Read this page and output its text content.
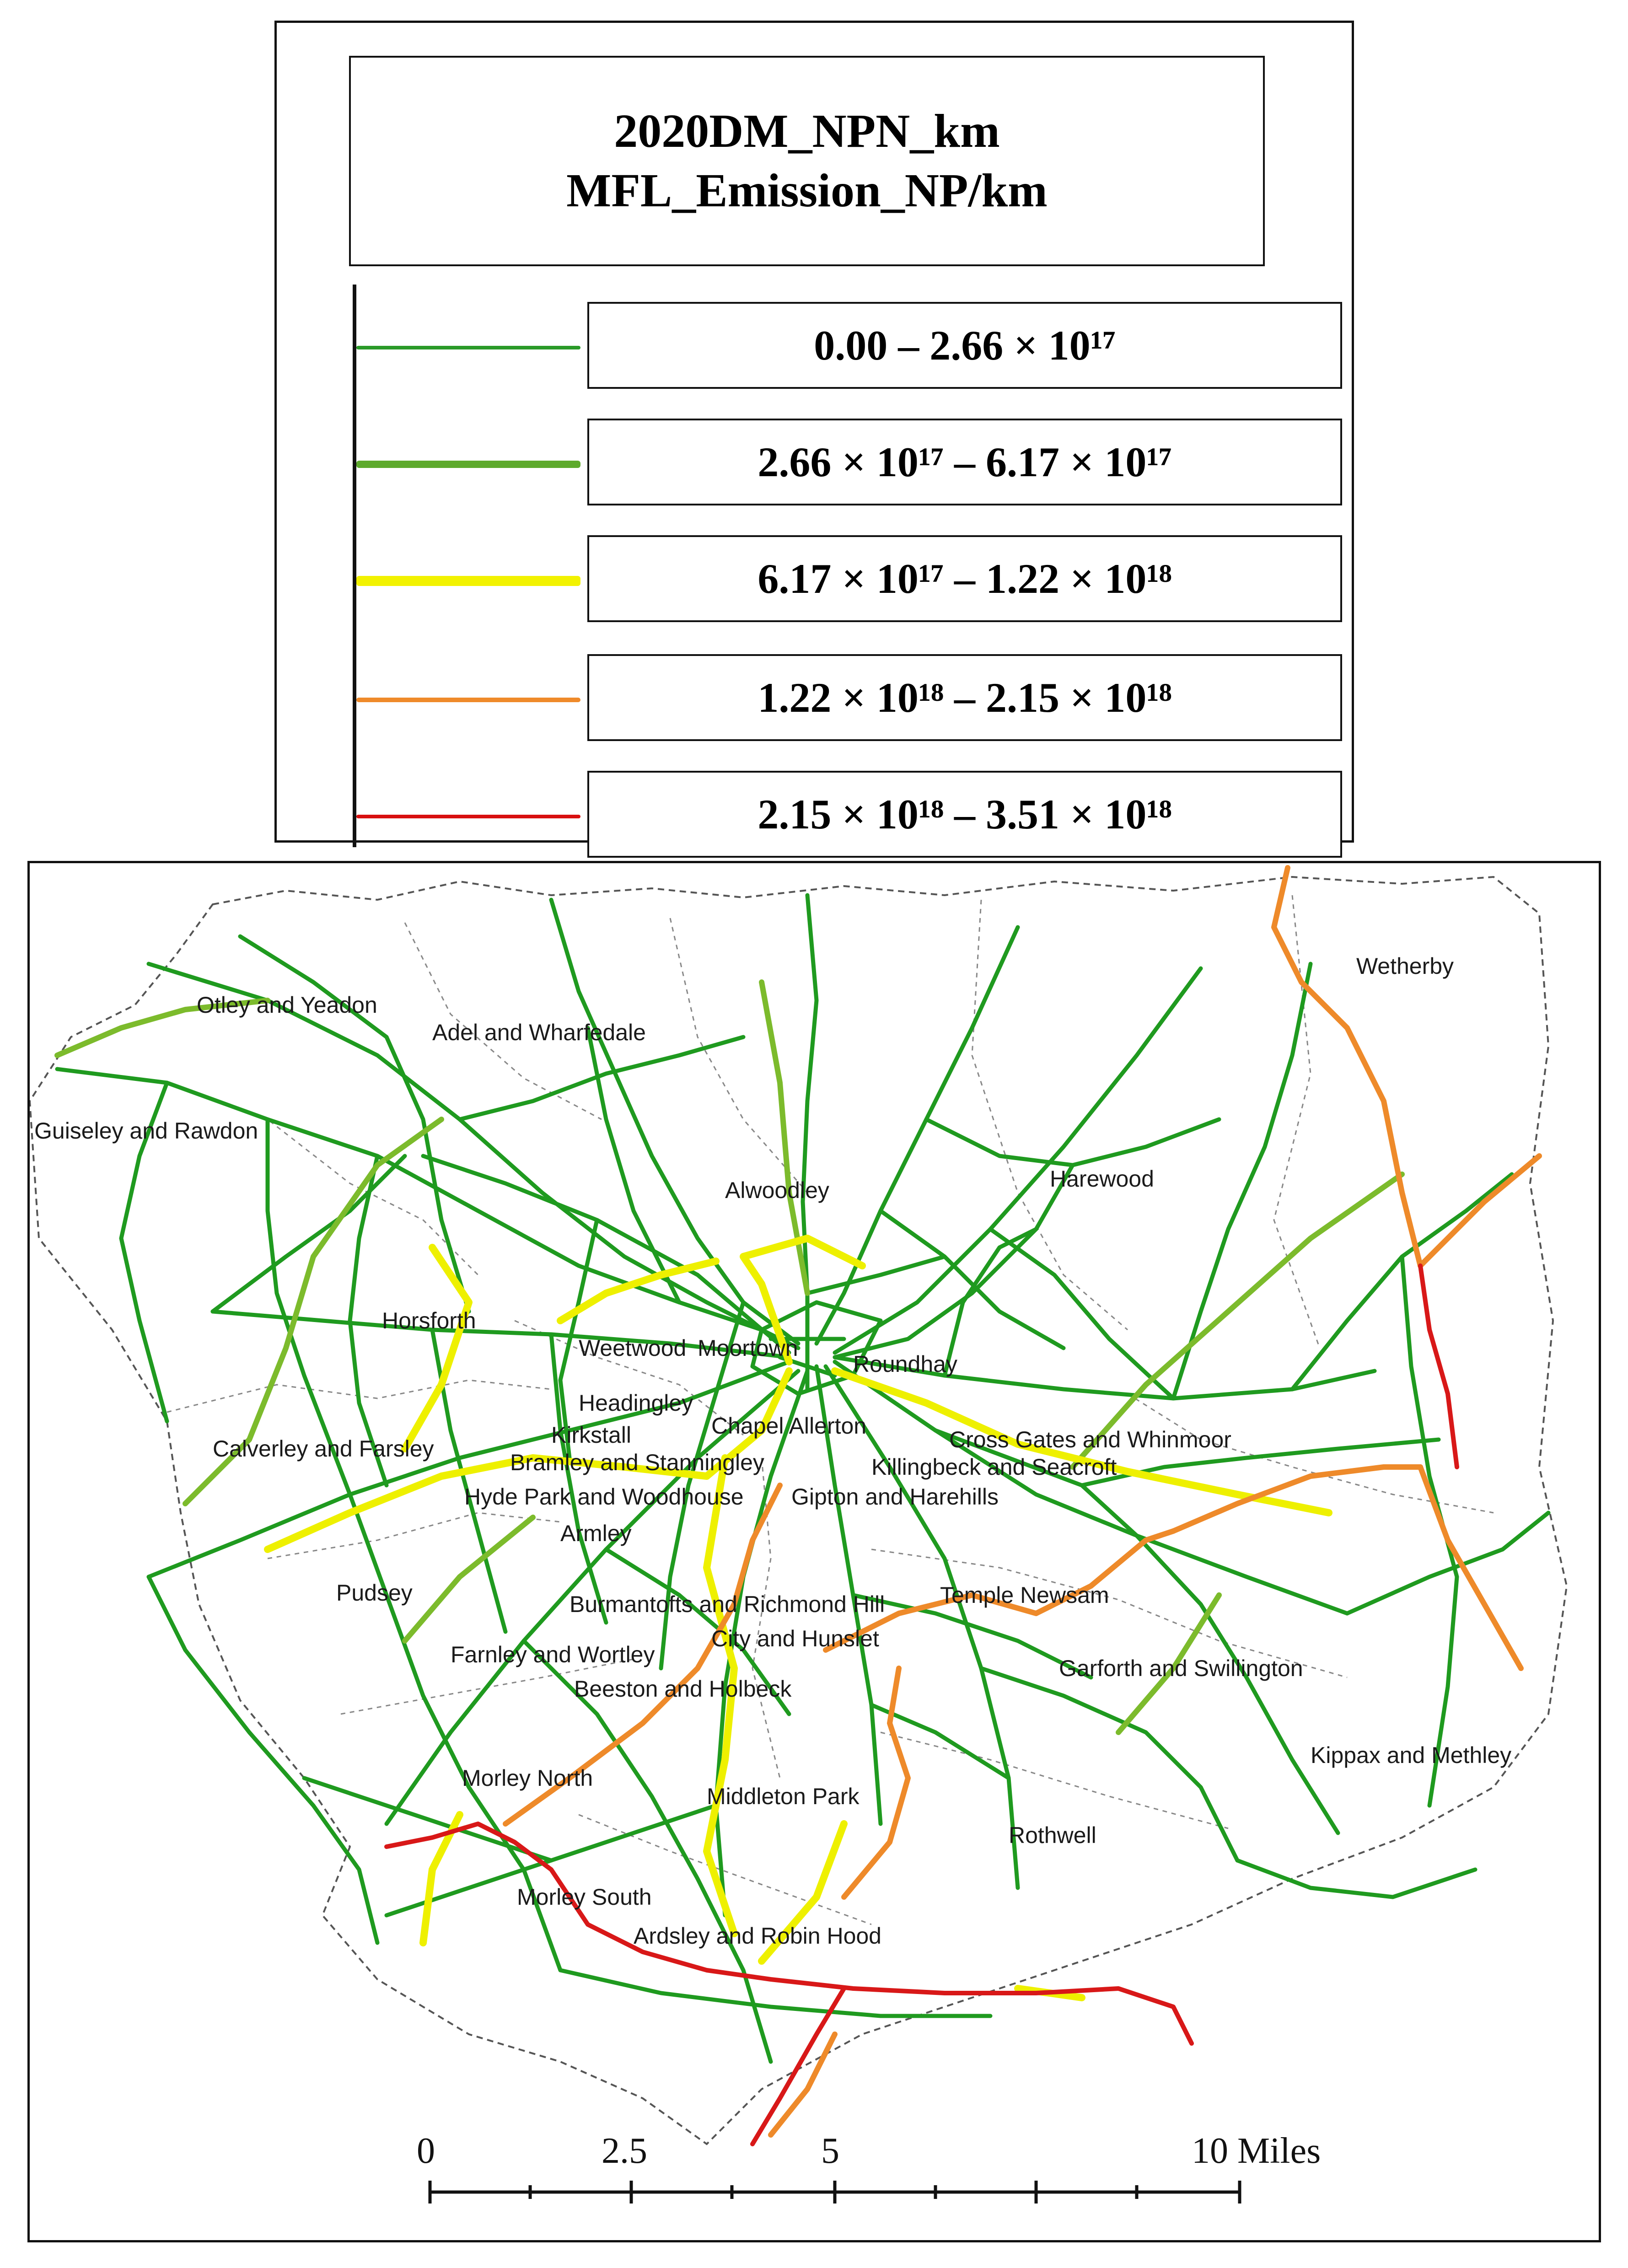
2020DM_NPN_km
MFL_Emission_NP/km
0.00 – 2.66 × 10¹⁷
2.66 × 10¹⁷ – 6.17 × 10¹⁷
6.17 × 10¹⁷ – 1.22 × 10¹⁸
1.22 × 10¹⁸ – 2.15 × 10¹⁸
2.15 × 10¹⁸ – 3.51 × 10¹⁸
Otley and Yeadon
Adel and Wharfedale
Guiseley and Rawdon
Alwoodley	Harewood
Wetherby
Horsforth
Weetwood Moortown
Roundhay
Headingley
Chapel Allerton
Kirkstall
Calverley and Farsley
Bramley and Stanningley
Cross Gates and Whinmoor
Killingbeck and Seacroft
Hyde Park and Woodhouse Gipton and Harehills
Armley
Pudsey	Burmantofts and Richmond Hill Temple Newsam
Farnley and Wortley
City and Hunslet
Beeston and Holbeck
Garforth and Swillington
Morley North
Middleton Park
Kippax and Methley
Rothwell
Morley South
Ardsley and Robin Hood
0	2.5	5	10 Miles
